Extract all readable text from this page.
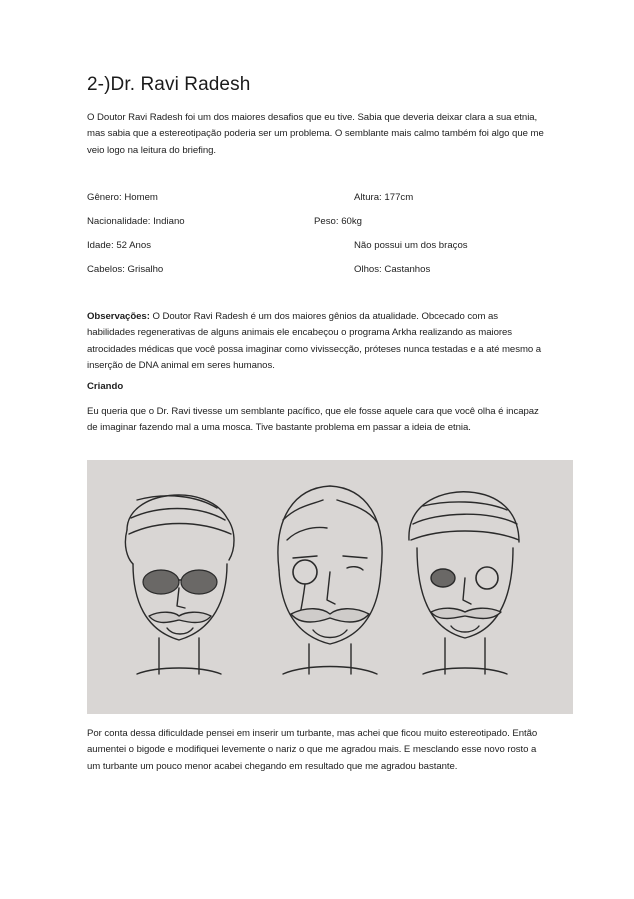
2-)Dr. Ravi Radesh

O Doutor Ravi Radesh foi um dos maiores desafios que eu tive. Sabia que deveria deixar clara a sua etnia, mas sabia que a estereotipação poderia ser um problema. O semblante mais calmo também foi algo que me veio logo na leitura do briefing.

Gênero: Homem	Altura: 177cm
Nacionalidade: Indiano	Peso: 60kg
Idade: 52 Anos	Não possui um dos braços
Cabelos: Grisalho	Olhos: Castanhos

Observações: O Doutor Ravi Radesh é um dos maiores gênios da atualidade. Obcecado com as habilidades regenerativas de alguns animais ele encabeçou o programa Arkha realizando as maiores atrocidades médicas que você possa imaginar como vivissecção, próteses nunca testadas e a até mesmo a inserção de DNA animal em seres humanos.

Criando

Eu queria que o Dr. Ravi tivesse um semblante pacífico, que ele fosse aquele cara que você olha é incapaz de imaginar fazendo mal a uma mosca. Tive bastante problema em passar a ideia de etnia.

Por conta dessa dificuldade pensei em inserir um turbante, mas achei que ficou muito estereotipado. Então aumentei o bigode e modifiquei levemente o nariz o que me agradou mais. E mesclando esse novo rosto a um turbante um pouco menor acabei chegando em resultado que me agradou bastante.
